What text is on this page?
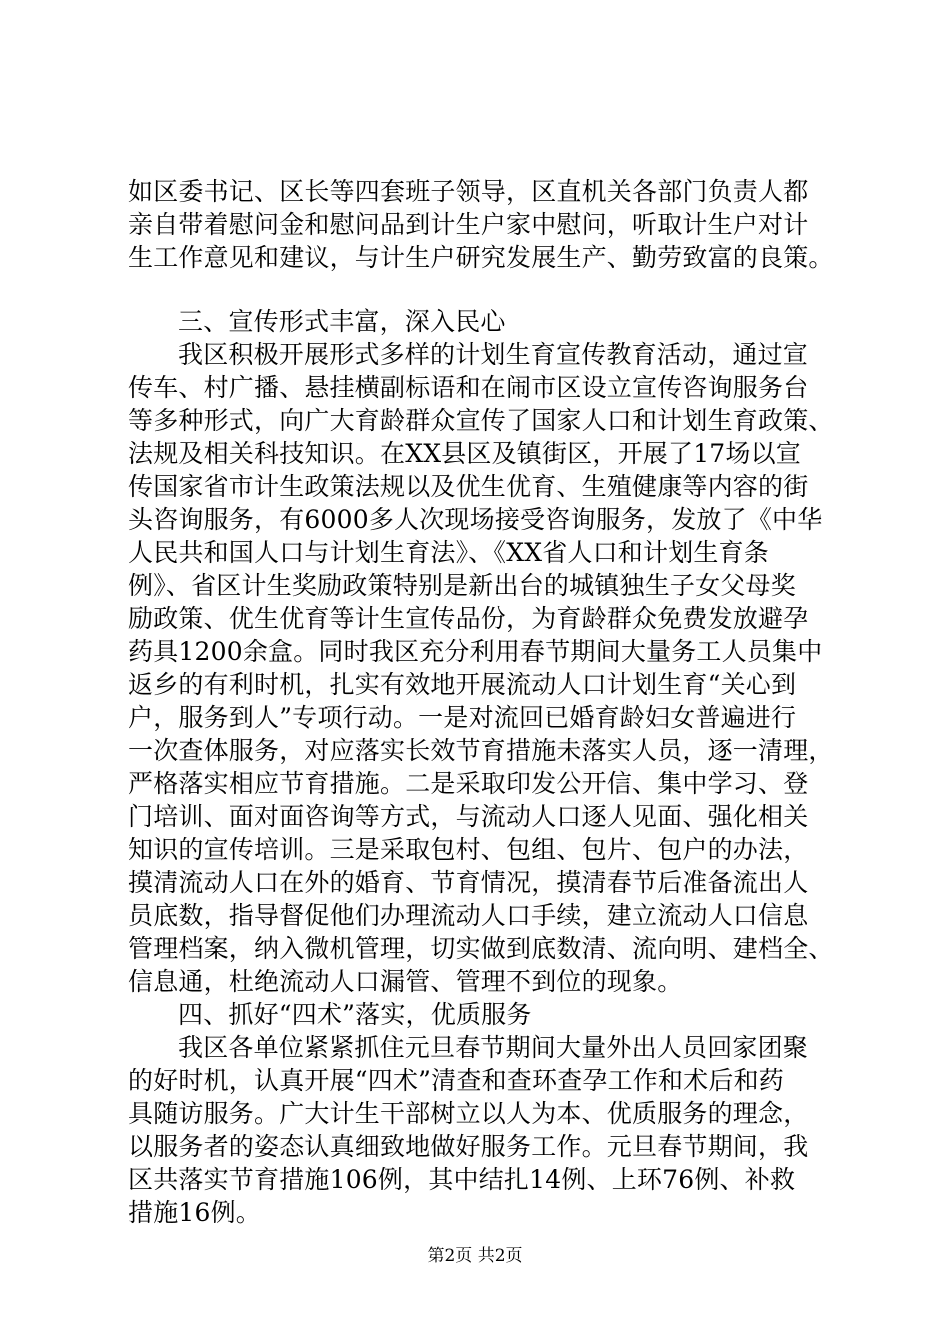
如区委书记、区长等四套班子领导，区直机关各部门负责人都
亲自带着慰问金和慰问品到计生户家中慰问，听取计生户对计
生工作意见和建议，与计生户研究发展生产、勤劳致富的良策。
三、宣传形式丰富，深入民心
我区积极开展形式多样的计划生育宣传教育活动，通过宣
传车、村广播、悬挂横副标语和在闹市区设立宣传咨询服务台
等多种形式，向广大育龄群众宣传了国家人口和计划生育政策、
法规及相关科技知识。在XX县区及镇街区，开展了17场以宣
传国家省市计生政策法规以及优生优育、生殖健康等内容的街
头咨询服务，有6000多人次现场接受咨询服务，发放了《中华
人民共和国人口与计划生育法》、《XX省人口和计划生育条
例》、省区计生奖励政策特别是新出台的城镇独生子女父母奖
励政策、优生优育等计生宣传品份，为育龄群众免费发放避孕
药具1200余盒。同时我区充分利用春节期间大量务工人员集中
返乡的有利时机，扎实有效地开展流动人口计划生育“关心到
户，服务到人”专项行动。一是对流回已婚育龄妇女普遍进行
一次查体服务，对应落实长效节育措施未落实人员，逐一清理，
严格落实相应节育措施。二是采取印发公开信、集中学习、登
门培训、面对面咨询等方式，与流动人口逐人见面、强化相关
知识的宣传培训。三是采取包村、包组、包片、包户的办法，
摸清流动人口在外的婚育、节育情况，摸清春节后准备流出人
员底数，指导督促他们办理流动人口手续，建立流动人口信息
管理档案，纳入微机管理，切实做到底数清、流向明、建档全、
信息通，杜绝流动人口漏管、管理不到位的现象。
四、抓好“四术”落实，优质服务
我区各单位紧紧抓住元旦春节期间大量外出人员回家团聚
的好时机，认真开展“四术”清查和查环查孕工作和术后和药
具随访服务。广大计生干部树立以人为本、优质服务的理念，
以服务者的姿态认真细致地做好服务工作。元旦春节期间，我
区共落实节育措施106例，其中结扎14例、上环76例、补救
措施16例。
第2页 共2页
